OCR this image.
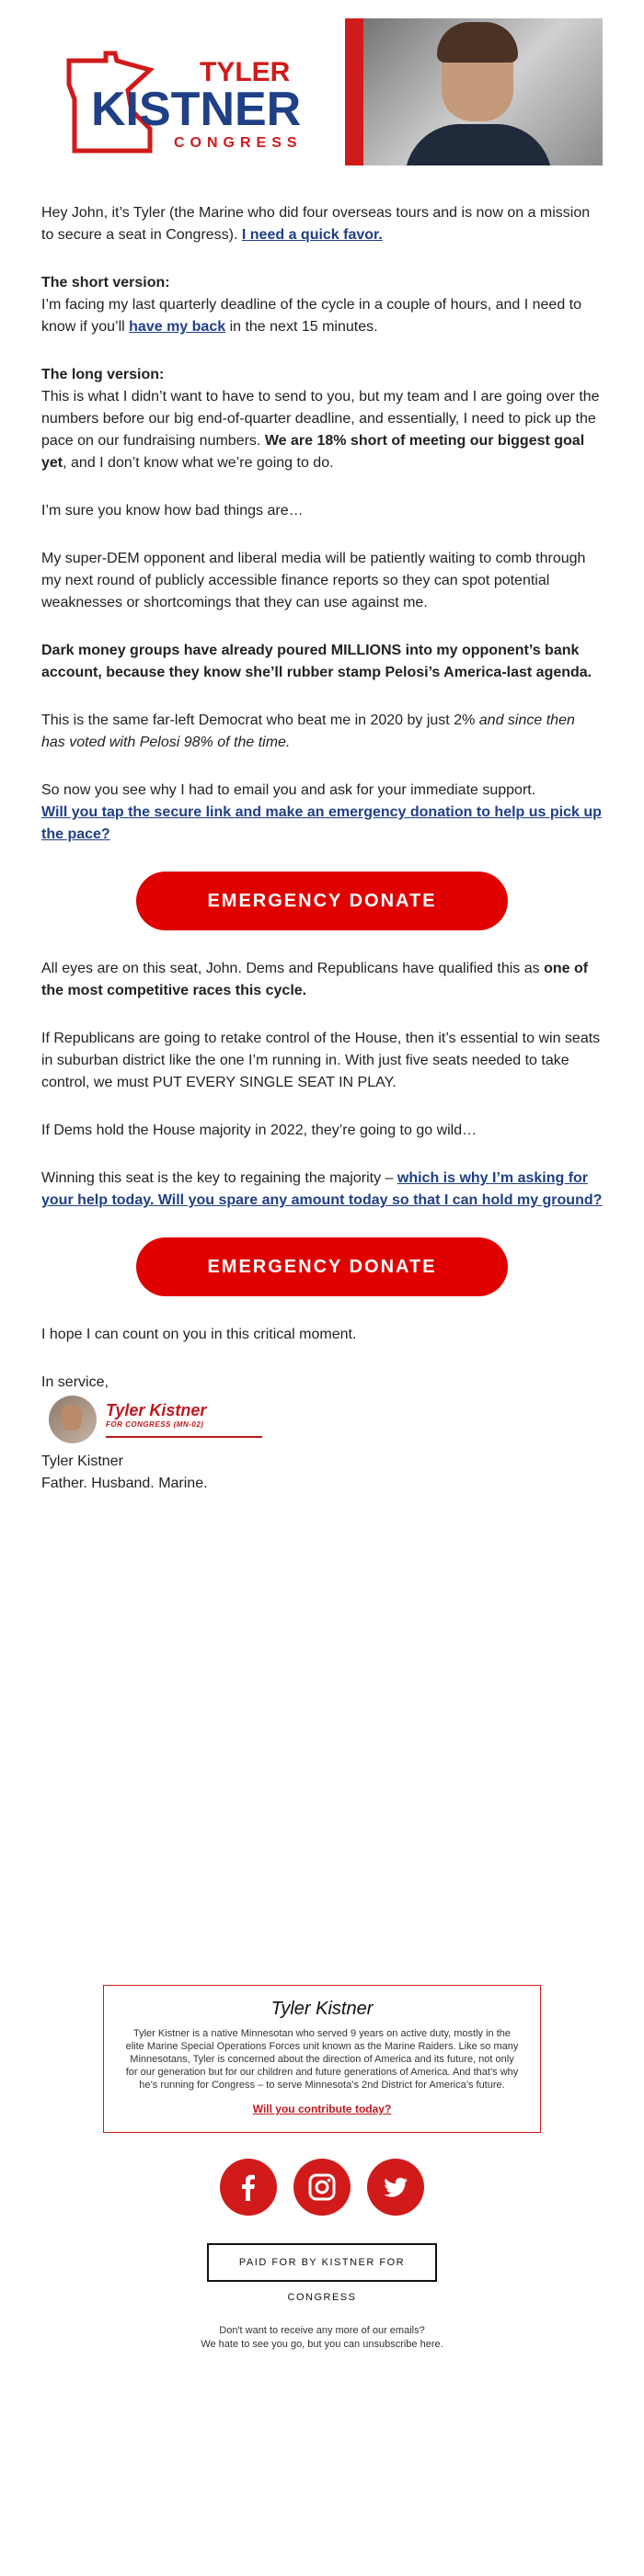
TYLER
KISTNER
CONGRESS

Hey John, it’s Tyler (the Marine who did four overseas tours and is now on a mission to secure a seat in Congress). I need a quick favor.

The short version:
I’m facing my last quarterly deadline of the cycle in a couple of hours, and I need to know if you’ll have my back in the next 15 minutes.

The long version:
This is what I didn’t want to have to send to you, but my team and I are going over the numbers before our big end-of-quarter deadline, and essentially, I need to pick up the pace on our fundraising numbers. We are 18% short of meeting our biggest goal yet, and I don’t know what we’re going to do.

I’m sure you know how bad things are…

My super-DEM opponent and liberal media will be patiently waiting to comb through my next round of publicly accessible finance reports so they can spot potential weaknesses or shortcomings that they can use against me.

Dark money groups have already poured MILLIONS into my opponent’s bank account, because they know she’ll rubber stamp Pelosi’s America-last agenda.

This is the same far-left Democrat who beat me in 2020 by just 2% and since then has voted with Pelosi 98% of the time.

So now you see why I had to email you and ask for your immediate support.
Will you tap the secure link and make an emergency donation to help us pick up the pace?

EMERGENCY DONATE

All eyes are on this seat, John. Dems and Republicans have qualified this as one of the most competitive races this cycle.

If Republicans are going to retake control of the House, then it’s essential to win seats in suburban district like the one I’m running in. With just five seats needed to take control, we must PUT EVERY SINGLE SEAT IN PLAY.

If Dems hold the House majority in 2022, they’re going to go wild…

Winning this seat is the key to regaining the majority – which is why I’m asking for your help today. Will you spare any amount today so that I can hold my ground?

EMERGENCY DONATE

I hope I can count on you in this critical moment.

In service,

Tyler Kistner
FOR CONGRESS (MN-02)

Tyler Kistner
Father. Husband. Marine.

Tyler Kistner
Tyler Kistner is a native Minnesotan who served 9 years on active duty, mostly in the elite Marine Special Operations Forces unit known as the Marine Raiders. Like so many Minnesotans, Tyler is concerned about the direction of America and its future, not only for our generation but for our children and future generations of America. And that’s why he’s running for Congress – to serve Minnesota’s 2nd District for America’s future.
Will you contribute today?

PAID FOR BY KISTNER FOR CONGRESS
Don't want to receive any more of our emails?
We hate to see you go, but you can unsubscribe here.
